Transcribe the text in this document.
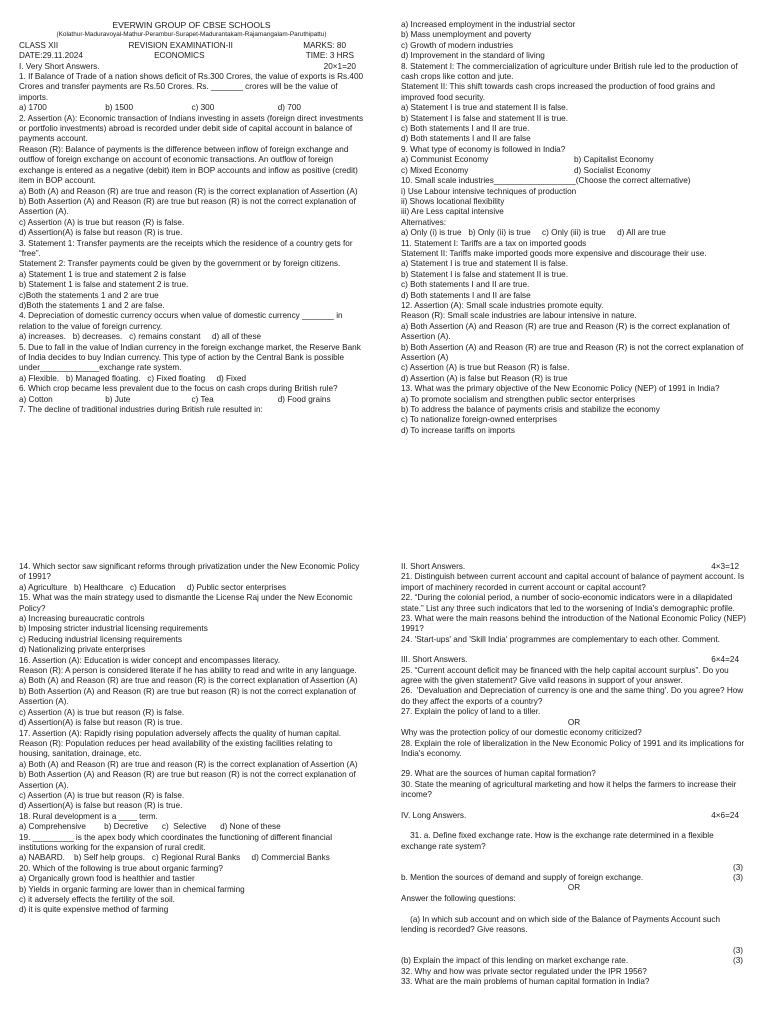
EVERWIN GROUP OF CBSE SCHOOLS
(Kolathur-Maduravoyal-Mathur-Perambur-Surapet-Madurantakam-Rajamangalam-Paruthipattu)
CLASS XII	REVISION EXAMINATION-II	MARKS: 80
DATE:29.11.2024	ECONOMICS	TIME: 3 HRS
I. Very Short Answers.	20×1=20
1. If Balance of Trade of a nation shows deficit of Rs.300 Crores, the value of exports is Rs.400 Crores and transfer payments are Rs.50 Crores. Rs. _______ crores will be the value of imports.
a) 1700	b) 1500	c) 300	d) 700
2. Assertion (A): Economic transaction of Indians investing in assets (foreign direct investments or portfolio investments) abroad is recorded under debit side of capital account in balance of payments account.
Reason (R): Balance of payments is the difference between inflow of foreign exchange and outflow of foreign exchange on account of economic transactions. An outflow of foreign exchange is entered as a negative (debit) item in BOP accounts and inflow as positive (credit) item in BOP account.
a) Both (A) and Reason (R) are true and reason (R) is the correct explanation of Assertion (A)
b) Both Assertion (A) and Reason (R) are true but reason (R) is not the correct explanation of Assertion (A).
c) Assertion (A) is true but reason (R) is false.
d) Assertion(A) is false but reason (R) is true.
3. Statement 1: Transfer payments are the receipts which the residence of a country gets for “free”.
Statement 2: Transfer payments could be given by the government or by foreign citizens.
a) Statement 1 is true and statement 2 is false
b) Statement 1 is false and statement 2 is true.
c)Both the statements 1 and 2 are true
d)Both the statements 1 and 2 are false.
4. Depreciation of domestic currency occurs when value of domestic currency _______ in relation to the value of foreign currency.
a) increases.   b) decreases.   c) remains constant     d) all of these
5. Due to fall in the value of Indian currency in the foreign exchange market, the Reserve Bank of India decides to buy Indian currency. This type of action by the Central Bank is possible under_____________exchange rate system.
a) Flexible.   b) Managed floating.   c) Fixed floating     d) Fixed
6. Which crop became less prevalent due to the focus on cash crops during British rule?
a) Cotton	b) Jute	c) Tea	d) Food grains
7. The decline of traditional industries during British rule resulted in:
a) Increased employment in the industrial sector
b) Mass unemployment and poverty
c) Growth of modern industries
d) Improvement in the standard of living
8. Statement I: The commercialization of agriculture under British rule led to the production of cash crops like cotton and jute.
Statement II: This shift towards cash crops increased the production of food grains and improved food security.
a) Statement I is true and statement II is false.
b) Statement I is false and statement II is true.
c) Both statements I and II are true.
d) Both statements I and II are false
9. What type of economy is followed in India?
a) Communist Economy	b) Capitalist Economy
c) Mixed Economy	d) Socialist Economy
10. Small scale industries__________________(Choose the correct alternative)
i) Use Labour intensive techniques of production
ii) Shows locational flexibility
iii) Are Less capital intensive
Alternatives:
a) Only (i) is true   b) Only (ii) is true     c) Only (iii) is true     d) All are true
11. Statement I: Tariffs are a tax on imported goods
Statement II: Tariffs make imported goods more expensive and discourage their use.
a) Statement I is true and statement II is false.
b) Statement I is false and statement II is true.
c) Both statements I and II are true.
d) Both statements I and II are false
12. Assertion (A): Small scale industries promote equity.
Reason (R): Small scale industries are labour intensive in nature.
a) Both Assertion (A) and Reason (R) are true and Reason (R) is the correct explanation of Assertion (A).
b) Both Assertion (A) and Reason (R) are true and Reason (R) is not the correct explanation of Assertion (A)
c) Assertion (A) is true but Reason (R) is false.
d) Assertion (A) is false but Reason (R) is true
13. What was the primary objective of the New Economic Policy (NEP) of 1991 in India?
a) To promote socialism and strengthen public sector enterprises
b) To address the balance of payments crisis and stabilize the economy
c) To nationalize foreign-owned enterprises
d) To increase tariffs on imports
14. Which sector saw significant reforms through privatization under the New Economic Policy of 1991?
a) Agriculture   b) Healthcare   c) Education     d) Public sector enterprises
15. What was the main strategy used to dismantle the License Raj under the New Economic Policy?
a) Increasing bureaucratic controls
b) Imposing stricter industrial licensing requirements
c) Reducing industrial licensing requirements
d) Nationalizing private enterprises
16. Assertion (A): Education is wider concept and encompasses literacy.
Reason (R): A person is considered literate if he has ability to read and write in any language.
a) Both (A) and Reason (R) are true and reason (R) is the correct explanation of Assertion (A)
b) Both Assertion (A) and Reason (R) are true but reason (R) is not the correct explanation of Assertion (A).
c) Assertion (A) is true but reason (R) is false.
d) Assertion(A) is false but reason (R) is true.
17. Assertion (A): Rapidly rising population adversely affects the quality of human capital.
Reason (R): Population reduces per head availability of the existing facilities relating to housing, sanitation, drainage, etc.
a) Both (A) and Reason (R) are true and reason (R) is the correct explanation of Assertion (A)
b) Both Assertion (A) and Reason (R) are true but reason (R) is not the correct explanation of Assertion (A).
c) Assertion (A) is true but reason (R) is false.
d) Assertion(A) is false but reason (R) is true.
18. Rural development is a ____ term.
a) Comprehensive        b) Decretive      c)  Selective      d) None of these
19. _________ is the apex body which coordinates the functioning of different financial institutions working for the expansion of rural credit.
a) NABARD.    b) Self help groups.   c) Regional Rural Banks     d) Commercial Banks
20. Which of the following is true about organic farming?
a) Organically grown food is healthier and tastier
b) Yields in organic farming are lower than in chemical farming
c) it adversely effects the fertility of the soil.
d) it is quite expensive method of farming
II. Short Answers.	4×3=12
21. Distinguish between current account and capital account of balance of payment account. Is import of machinery recorded in current account or capital account?
22. “During the colonial period, a number of socio-economic indicators were in a dilapidated state.” List any three such indicators that led to the worsening of India's demographic profile.
23. What were the main reasons behind the introduction of the National Economic Policy (NEP) 1991?
24. 'Start-ups' and 'Skill India' programmes are complementary to each other. Comment.
III. Short Answers.	6×4=24
25. “Current account deficit may be financed with the help capital account surplus”. Do you agree with the given statement? Give valid reasons in support of your answer.
26.  'Devaluation and Depreciation of currency is one and the same thing'. Do you agree? How do they affect the exports of a country?
27. Explain the policy of land to a tiller.
OR
Why was the protection policy of our domestic economy criticized?
28. Explain the role of liberalization in the New Economic Policy of 1991 and its implications for India's economy.
29. What are the sources of human capital formation?
30. State the meaning of agricultural marketing and how it helps the farmers to increase their income?
IV. Long Answers.	4×6=24

31. a. Define fixed exchange rate. How is the exchange rate determined in a flexible exchange rate system?

(3)

b. Mention the sources of demand and supply of foreign exchange.	(3)
OR
Answer the following questions:

(a) In which sub account and on which side of the Balance of Payments Account such lending is recorded? Give reasons.

(3)

(b) Explain the impact of this lending on market exchange rate.	(3)
32. Why and how was private sector regulated under the IPR 1956?
33. What are the main problems of human capital formation in India?
